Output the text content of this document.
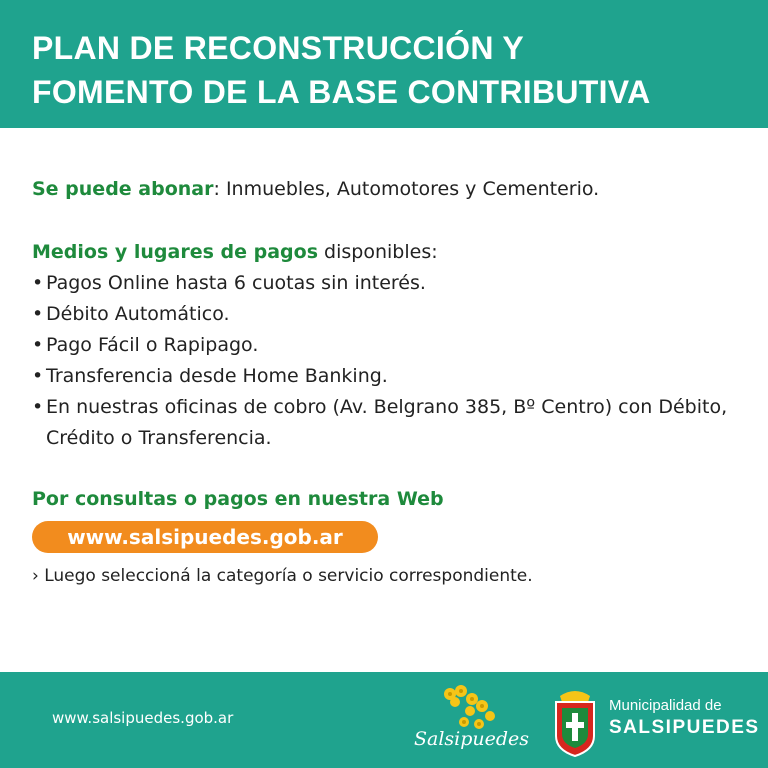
PLAN DE RECONSTRUCCIÓN Y
FOMENTO DE LA BASE CONTRIBUTIVA
Se puede abonar: Inmuebles, Automotores y Cementerio.
Medios y lugares de pagos disponibles:
• Pagos Online hasta 6 cuotas sin interés.
• Débito Automático.
• Pago Fácil o Rapipago.
• Transferencia desde Home Banking.
• En nuestras oficinas de cobro (Av. Belgrano 385, Bº Centro) con Débito, Crédito o Transferencia.
Por consultas o pagos en nuestra Web
www.salsipuedes.gob.ar
› Luego seleccioná la categoría o servicio correspondiente.
www.salsipuedes.gob.ar
Salsipuedes
Municipalidad de
SALSIPUEDES
